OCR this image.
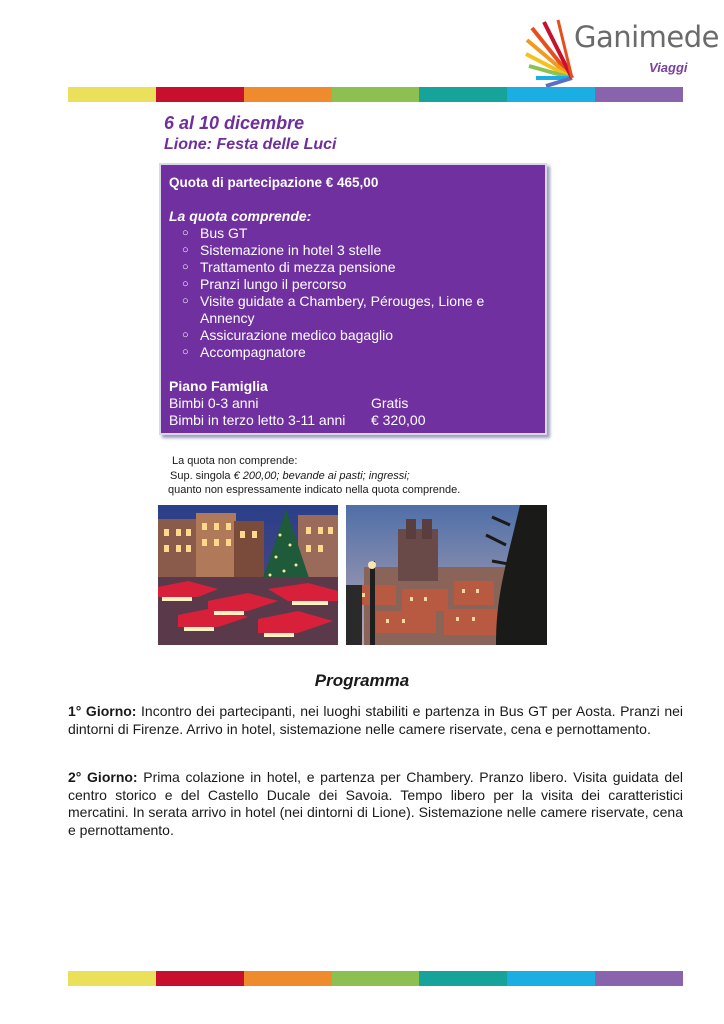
Ganimede
Viaggi
6 al 10 dicembre
Lione: Festa delle Luci
Quota di partecipazione € 465,00
La quota comprende:
○ Bus GT
○ Sistemazione in hotel 3 stelle
○ Trattamento di mezza pensione
○ Pranzi lungo il percorso
○ Visite guidate a Chambery, Pérouges, Lione e Annency
○ Assicurazione medico bagaglio
○ Accompagnatore
Piano Famiglia
Bimbi 0-3 anni	Gratis
Bimbi in terzo letto 3-11 anni	€ 320,00
La quota non comprende:
Sup. singola € 200,00; bevande ai pasti; ingressi;
quanto non espressamente indicato nella quota comprende.
Programma
1° Giorno: Incontro dei partecipanti, nei luoghi stabiliti e partenza in Bus GT per Aosta. Pranzi nei dintorni di Firenze. Arrivo in hotel, sistemazione nelle camere riservate, cena e pernottamento.
2° Giorno: Prima colazione in hotel, e partenza per Chambery. Pranzo libero. Visita guidata del centro storico e del Castello Ducale dei Savoia. Tempo libero per la visita dei caratteristici mercatini. In serata arrivo in hotel (nei dintorni di Lione). Sistemazione nelle camere riservate, cena e pernottamento.
